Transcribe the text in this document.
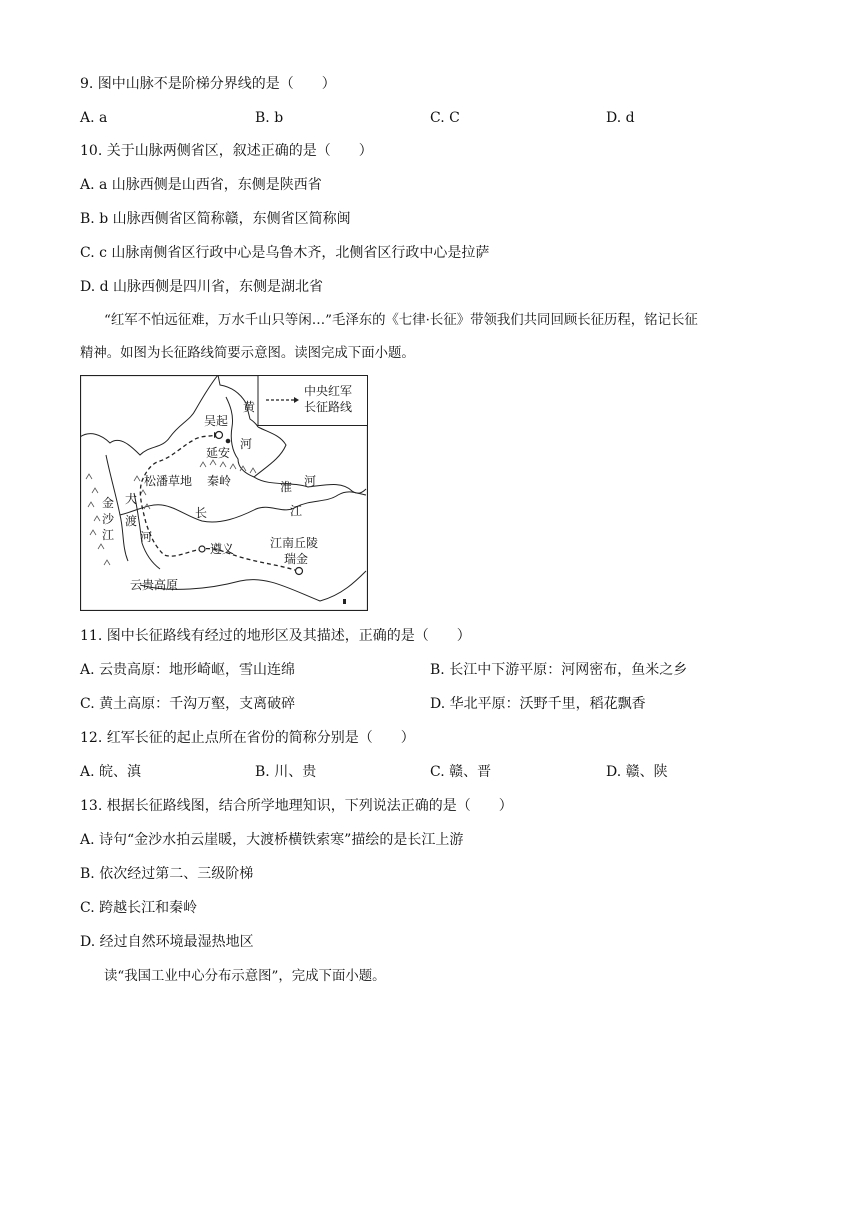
9. 图中山脉不是阶梯分界线的是（　　）
A. a	B. b	C. C	D. d
10. 关于山脉两侧省区，叙述正确的是（　　）
A. a 山脉西侧是山西省，东侧是陕西省
B. b 山脉西侧省区简称赣，东侧省区简称闽
C. c 山脉南侧省区行政中心是乌鲁木齐，北侧省区行政中心是拉萨
D. d 山脉西侧是四川省，东侧是湖北省
“红军不怕远征难，万水千山只等闲…”毛泽东的《七律·长征》带领我们共同回顾长征历程，铭记长征
精神。如图为长征路线简要示意图。读图完成下面小题。
中央红军
长征路线
吴起
黄
河
延安
松潘草地 秦岭	淮 河
金
沙
江
大
渡
河
长	江
遵义	江南丘陵
瑞金
云贵高原
11. 图中长征路线有经过的地形区及其描述，正确的是（　　）
A. 云贵高原：地形崎岖，雪山连绵	B. 长江中下游平原：河网密布，鱼米之乡
C. 黄土高原：千沟万壑，支离破碎	D. 华北平原：沃野千里，稻花飘香
12. 红军长征的起止点所在省份的简称分别是（　　）
A. 皖、滇	B. 川、贵	C. 赣、晋	D. 赣、陕
13. 根据长征路线图，结合所学地理知识，下列说法正确的是（　　）
A. 诗句“金沙水拍云崖暖，大渡桥横铁索寒”描绘的是长江上游
B. 依次经过第二、三级阶梯
C. 跨越长江和秦岭
D. 经过自然环境最湿热地区
读“我国工业中心分布示意图”，完成下面小题。
